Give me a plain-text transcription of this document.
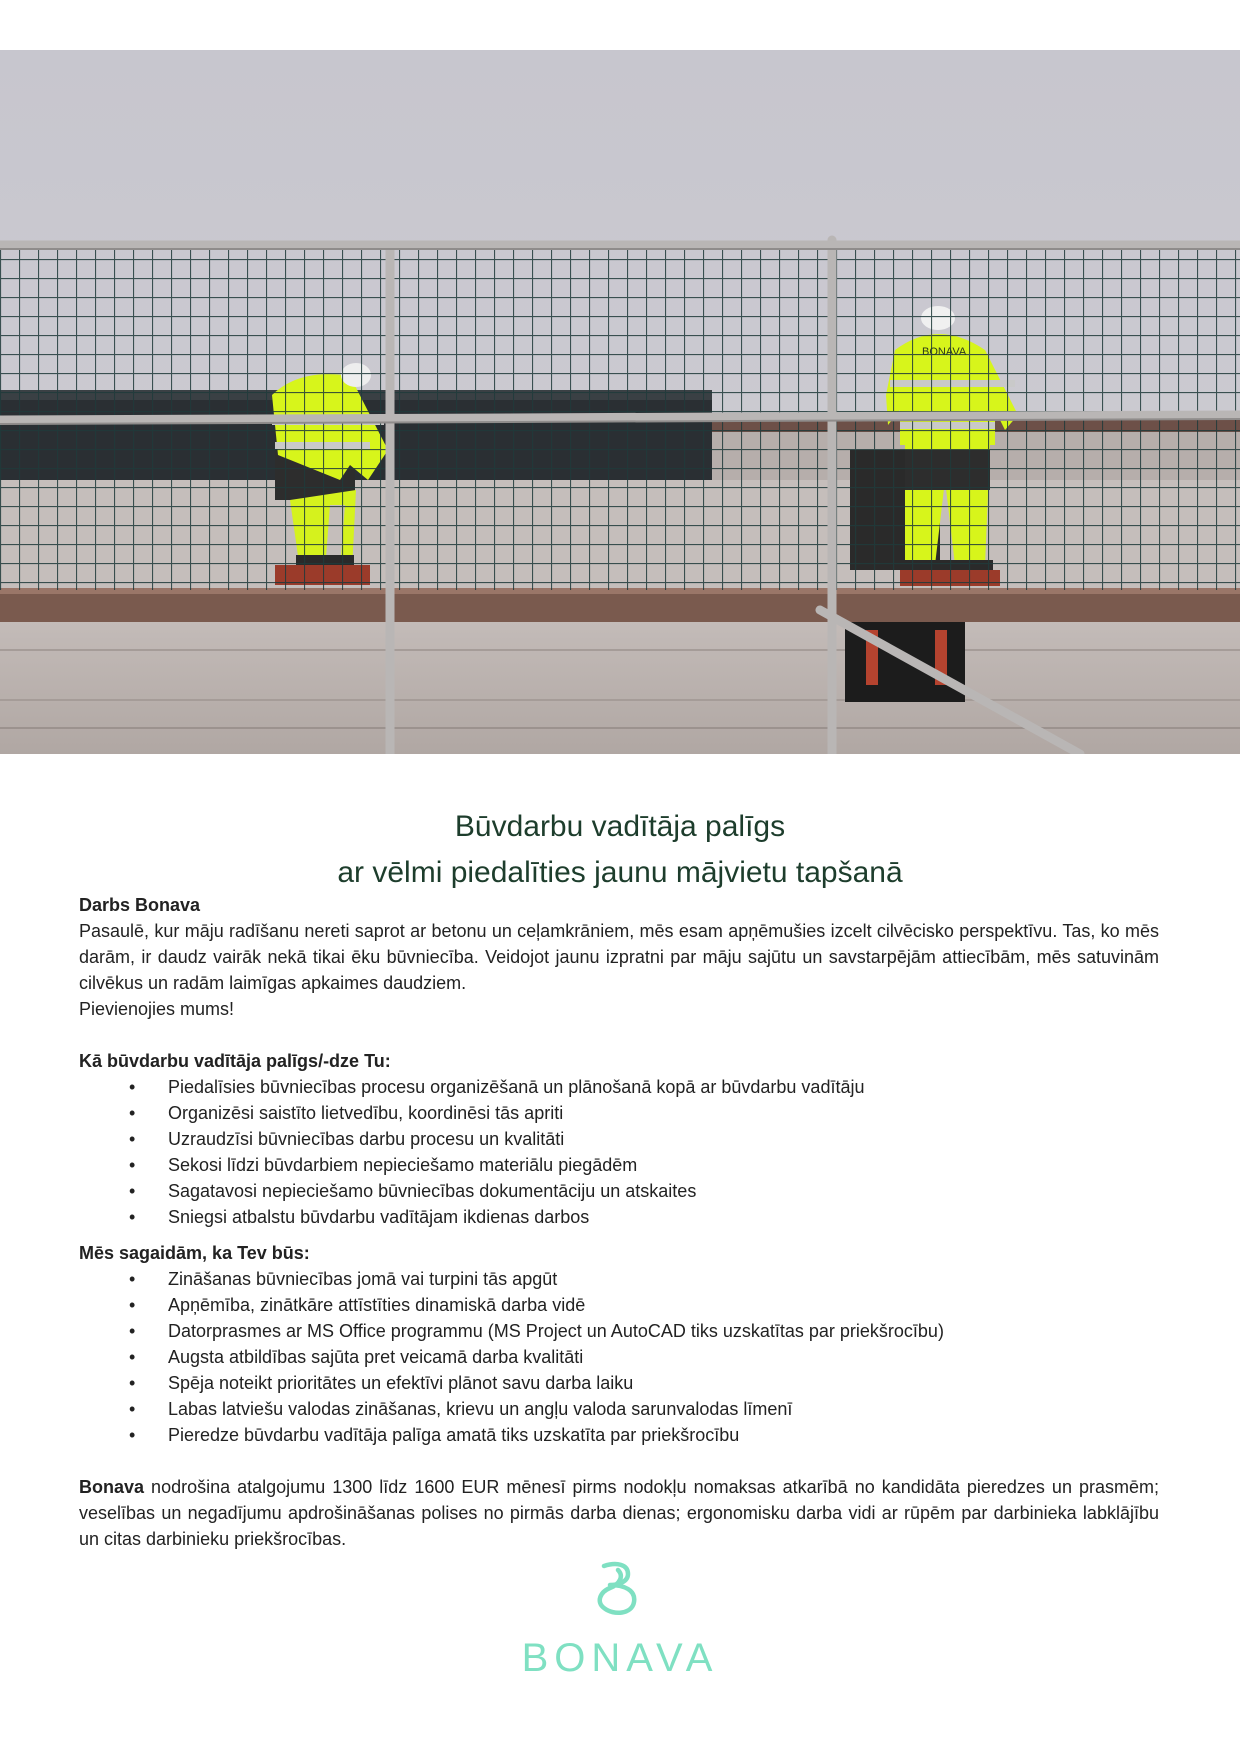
Būvdarbu vadītāja palīgs
ar vēlmi piedalīties jaunu mājvietu tapšanā

Darbs Bonava

Pasaulē, kur māju radīšanu nereti saprot ar betonu un ceļamkrāniem, mēs esam apņēmušies izcelt cilvēcisko perspektīvu. Tas, ko mēs darām, ir daudz vairāk nekā tikai ēku būvniecība. Veidojot jaunu izpratni par māju sajūtu un savstarpējām attiecībām, mēs satuvinām cilvēkus un radām laimīgas apkaimes daudziem.

Pievienojies mums!

Kā būvdarbu vadītāja palīgs/-dze Tu:

• Piedalīsies būvniecības procesu organizēšanā un plānošanā kopā ar būvdarbu vadītāju
• Organizēsi saistīto lietvedību, koordinēsi tās apriti
• Uzraudzīsi būvniecības darbu procesu un kvalitāti
• Sekosi līdzi būvdarbiem nepieciešamo materiālu piegādēm
• Sagatavosi nepieciešamo būvniecības dokumentāciju un atskaites
• Sniegsi atbalstu būvdarbu vadītājam ikdienas darbos

Mēs sagaidām, ka Tev būs:

• Zināšanas būvniecības jomā vai turpini tās apgūt
• Apņēmība, zinātkāre attīstīties dinamiskā darba vidē
• Datorprasmes ar MS Office programmu (MS Project un AutoCAD tiks uzskatītas par priekšrocību)
• Augsta atbildības sajūta pret veicamā darba kvalitāti
• Spēja noteikt prioritātes un efektīvi plānot savu darba laiku
• Labas latviešu valodas zināšanas, krievu un angļu valoda sarunvalodas līmenī
• Pieredze būvdarbu vadītāja palīga amatā tiks uzskatīta par priekšrocību

Bonava nodrošina atalgojumu 1300 līdz 1600 EUR mēnesī pirms nodokļu nomaksas atkarībā no kandidāta pieredzes un prasmēm; veselības un negadījumu apdrošināšanas polises no pirmās darba dienas; ergonomisku darba vidi ar rūpēm par darbinieka labklājību un citas darbinieku priekšrocības.

BONAVA
